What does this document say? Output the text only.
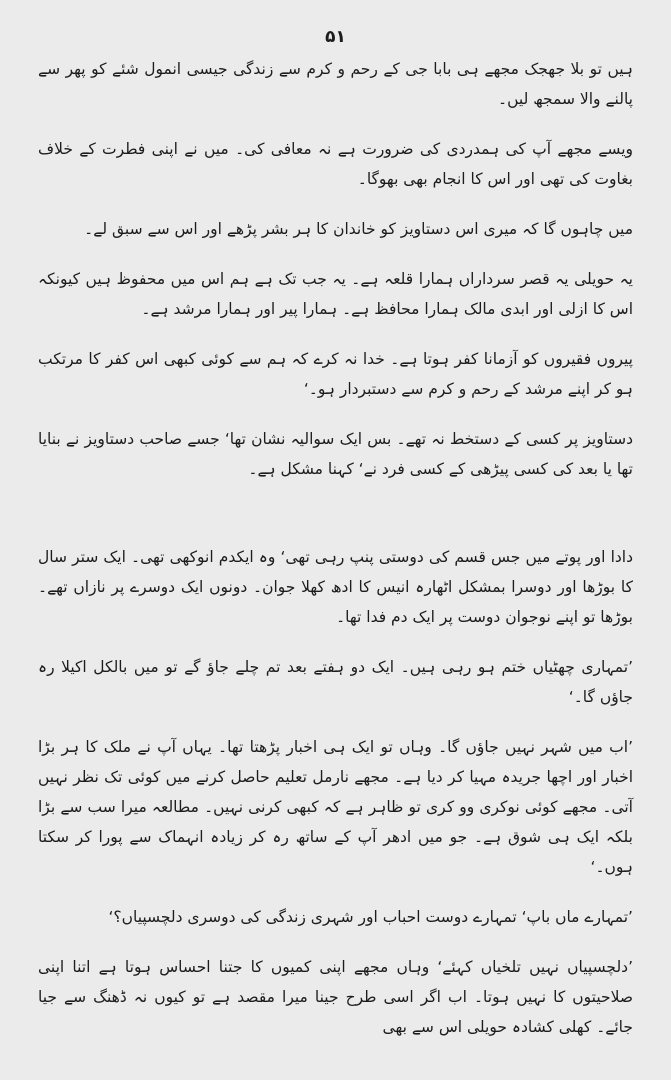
۵۱

ہیں تو بلا جھجک مجھے ہی بابا جی کے رحم و کرم سے زندگی جیسی انمول شئے کو پھر سے پالنے والا سمجھ لیں۔

ویسے مجھے آپ کی ہمدردی کی ضرورت ہے نہ معافی کی۔ میں نے اپنی فطرت کے خلاف بغاوت کی تھی اور اس کا انجام بھی بھوگا۔

میں چاہوں گا کہ میری اس دستاویز کو خاندان کا ہر بشر پڑھے اور اس سے سبق لے۔

یہ حویلی یہ قصر سرداراں ہمارا قلعہ ہے۔ یہ جب تک ہے ہم اس میں محفوظ ہیں کیونکہ اس کا ازلی اور ابدی مالک ہمارا محافظ ہے۔ ہمارا پیر اور ہمارا مرشد ہے۔

پیروں فقیروں کو آزمانا کفر ہوتا ہے۔ خدا نہ کرے کہ ہم سے کوئی کبھی اس کفر کا مرتکب ہو کر اپنے مرشد کے رحم و کرم سے دستبردار ہو۔‘

دستاویز پر کسی کے دستخط نہ تھے۔ بس ایک سوالیہ نشان تھا‘ جسے صاحب دستاویز نے بنایا تھا یا بعد کی کسی پیڑھی کے کسی فرد نے‘ کہنا مشکل ہے۔

دادا اور پوتے میں جس قسم کی دوستی پنپ رہی تھی‘ وہ ایکدم انوکھی تھی۔ ایک ستر سال کا بوڑھا اور دوسرا بمشکل اٹھارہ انیس کا ادھ کھلا جوان۔ دونوں ایک دوسرے پر نازاں تھے۔ بوڑھا تو اپنے نوجوان دوست پر ایک دم فدا تھا۔

’تمہاری چھٹیاں ختم ہو رہی ہیں۔ ایک دو ہفتے بعد تم چلے جاؤ گے تو میں بالکل اکیلا رہ جاؤں گا۔‘

’اب میں شہر نہیں جاؤں گا۔ وہاں تو ایک ہی اخبار پڑھتا تھا۔ یہاں آپ نے ملک کا ہر بڑا اخبار اور اچھا جریدہ مہیا کر دیا ہے۔ مجھے نارمل تعلیم حاصل کرنے میں کوئی تک نظر نہیں آتی۔ مجھے کوئی نوکری وو کری تو ظاہر ہے کہ کبھی کرنی نہیں۔ مطالعہ میرا سب سے بڑا بلکہ ایک ہی شوق ہے۔ جو میں ادھر آپ کے ساتھ رہ کر زیادہ انہماک سے پورا کر سکتا ہوں۔‘

’تمہارے ماں باپ‘ تمہارے دوست احباب اور شہری زندگی کی دوسری دلچسپیاں؟‘

’دلچسپیاں نہیں تلخیاں کہئے‘ وہاں مجھے اپنی کمیوں کا جتنا احساس ہوتا ہے اتنا اپنی صلاحیتوں کا نہیں ہوتا۔ اب اگر اسی طرح جینا میرا مقصد ہے تو کیوں نہ ڈھنگ سے جیا جائے۔ کھلی کشادہ حویلی اس سے بھی
